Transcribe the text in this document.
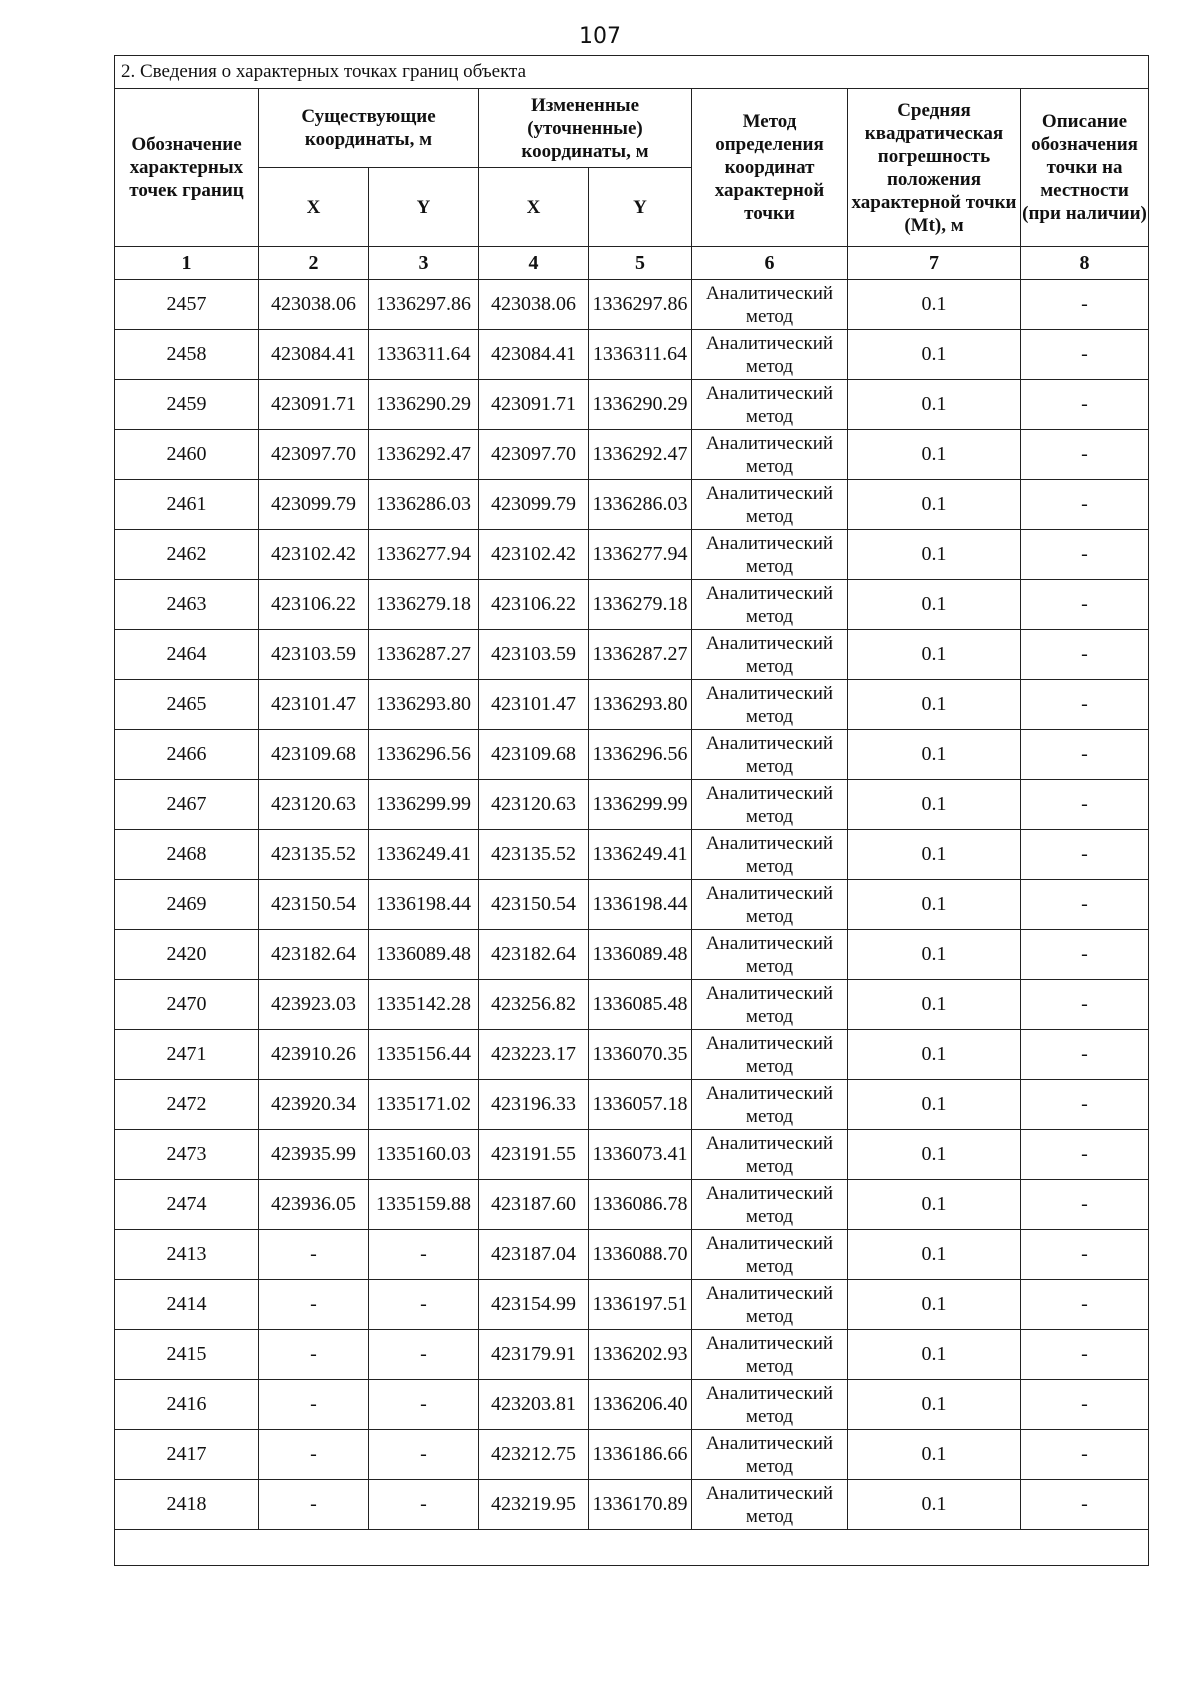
107
2. Сведения о характерных точках границ объекта							
Обозначение характерных точек границ	Существующие координаты, м		Измененные (уточненные) координаты, м		Метод определения координат характерной точки	Средняя квадратическая погрешность положения характерной точки (Mt), м	Описание обозначения точки на местности (при наличии)
	X	Y	X	Y			
1	2	3	4	5	6	7	8
2457	423038.06	1336297.86	423038.06	1336297.86	Аналитический метод	0.1	-
2458	423084.41	1336311.64	423084.41	1336311.64	Аналитический метод	0.1	-
2459	423091.71	1336290.29	423091.71	1336290.29	Аналитический метод	0.1	-
2460	423097.70	1336292.47	423097.70	1336292.47	Аналитический метод	0.1	-
2461	423099.79	1336286.03	423099.79	1336286.03	Аналитический метод	0.1	-
2462	423102.42	1336277.94	423102.42	1336277.94	Аналитический метод	0.1	-
2463	423106.22	1336279.18	423106.22	1336279.18	Аналитический метод	0.1	-
2464	423103.59	1336287.27	423103.59	1336287.27	Аналитический метод	0.1	-
2465	423101.47	1336293.80	423101.47	1336293.80	Аналитический метод	0.1	-
2466	423109.68	1336296.56	423109.68	1336296.56	Аналитический метод	0.1	-
2467	423120.63	1336299.99	423120.63	1336299.99	Аналитический метод	0.1	-
2468	423135.52	1336249.41	423135.52	1336249.41	Аналитический метод	0.1	-
2469	423150.54	1336198.44	423150.54	1336198.44	Аналитический метод	0.1	-
2420	423182.64	1336089.48	423182.64	1336089.48	Аналитический метод	0.1	-
2470	423923.03	1335142.28	423256.82	1336085.48	Аналитический метод	0.1	-
2471	423910.26	1335156.44	423223.17	1336070.35	Аналитический метод	0.1	-
2472	423920.34	1335171.02	423196.33	1336057.18	Аналитический метод	0.1	-
2473	423935.99	1335160.03	423191.55	1336073.41	Аналитический метод	0.1	-
2474	423936.05	1335159.88	423187.60	1336086.78	Аналитический метод	0.1	-
2413	-	-	423187.04	1336088.70	Аналитический метод	0.1	-
2414	-	-	423154.99	1336197.51	Аналитический метод	0.1	-
2415	-	-	423179.91	1336202.93	Аналитический метод	0.1	-
2416	-	-	423203.81	1336206.40	Аналитический метод	0.1	-
2417	-	-	423212.75	1336186.66	Аналитический метод	0.1	-
2418	-	-	423219.95	1336170.89	Аналитический метод	0.1	-
